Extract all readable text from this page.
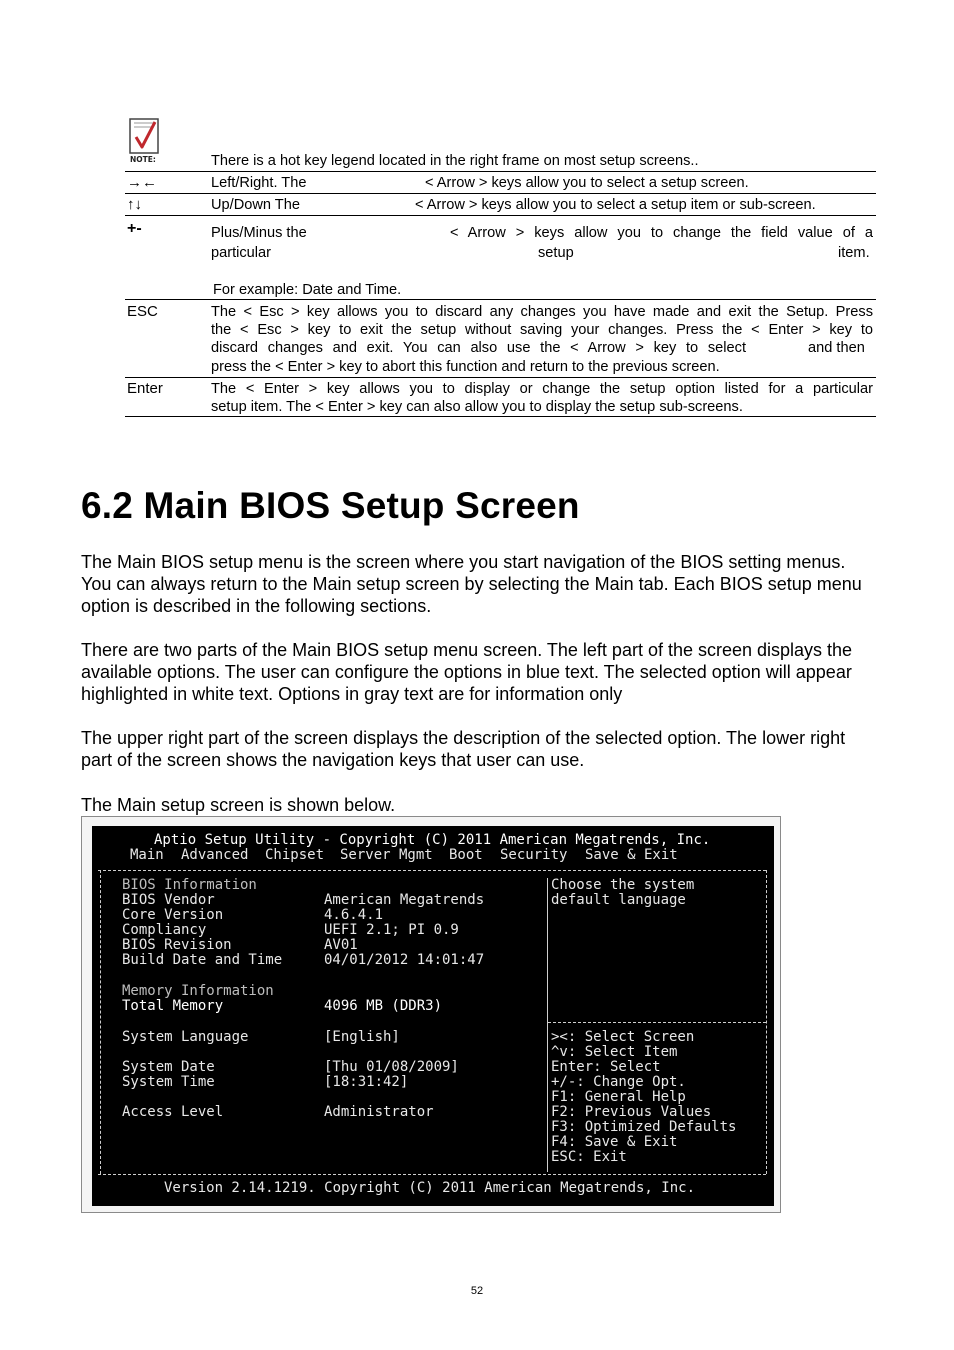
NOTE:	There is a hot key legend located in the right frame on most setup screens..
→←	Left/Right. The	< Arrow > keys allow you to select a setup screen.
↑↓	Up/Down The	< Arrow > keys allow you to select a setup item or sub-screen.
+-	Plus/Minus the	< Arrow > keys allow you to change the field value of a
particular	setup	item.
For example: Date and Time.
ESC	The < Esc > key allows you to discard any changes you have made and exit the Setup. Press
the < Esc > key to exit the setup without saving your changes. Press the < Enter > key to
discard changes and exit. You can also use the < Arrow > key to select	and then
press the < Enter > key to abort this function and return to the previous screen.
Enter	The < Enter > key allows you to display or change the setup option listed for a particular
setup item. The < Enter > key can also allow you to display the setup sub-screens.
6.2 Main BIOS Setup Screen

The Main BIOS setup menu is the screen where you start navigation of the BIOS setting menus. You can always return to the Main setup screen by selecting the Main tab. Each BIOS setup menu option is described in the following sections.

There are two parts of the Main BIOS setup menu screen. The left part of the screen displays the available options. The user can configure the options in blue text. The selected option will appear highlighted in white text. Options in gray text are for information only

The upper right part of the screen displays the description of the selected option. The lower right part of the screen shows the navigation keys that user can use.

The Main setup screen is shown below.

Aptio Setup Utility - Copyright (C) 2011 American Megatrends, Inc.
Main Advanced Chipset Server Mgmt Boot Security Save & Exit
BIOS Information
BIOS Vendor	American Megatrends
Core Version	4.6.4.1
Compliancy	UEFI 2.1; PI 0.9
BIOS Revision	AV01
Build Date and Time	04/01/2012 14:01:47
Memory Information
Total Memory	4096 MB (DDR3)
System Language	[English]
System Date	[Thu 01/08/2009]
System Time	[18:31:42]
Access Level	Administrator
Choose the system
default language
><: Select Screen
^v: Select Item
Enter: Select
+/-: Change Opt.
F1: General Help
F2: Previous Values
F3: Optimized Defaults
F4: Save & Exit
ESC: Exit
Version 2.14.1219. Copyright (C) 2011 American Megatrends, Inc.
52
